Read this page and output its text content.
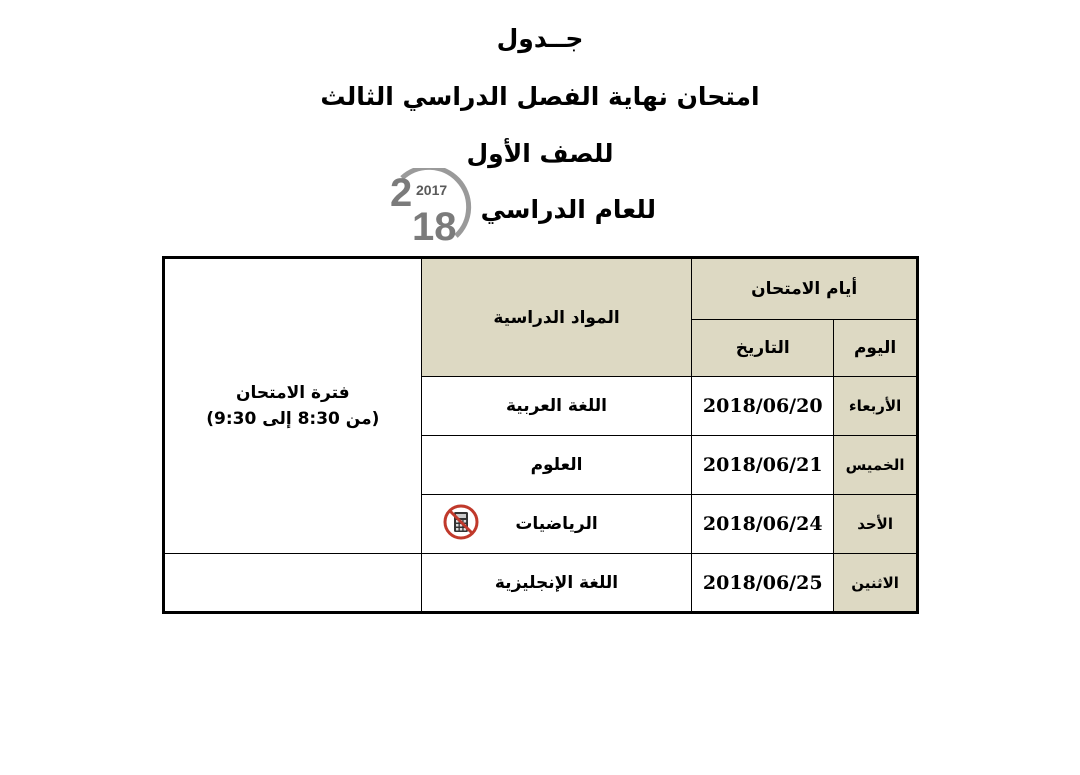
جــدول
امتحان نهاية الفصل الدراسي الثالث
للصف الأول
للعام الدراسي
2 2017
18
أيام الامتحان		المواد الدراسية	فترة الامتحان
(من 8:30 إلى 9:30)

اليوم	التاريخ		
الأربعاء	2018/06/20	اللغة العربية	
الخميس	2018/06/21	العلوم	
الأحد	2018/06/24	الرياضيات	

الاثنين	2018/06/25	اللغة الإنجليزية	
